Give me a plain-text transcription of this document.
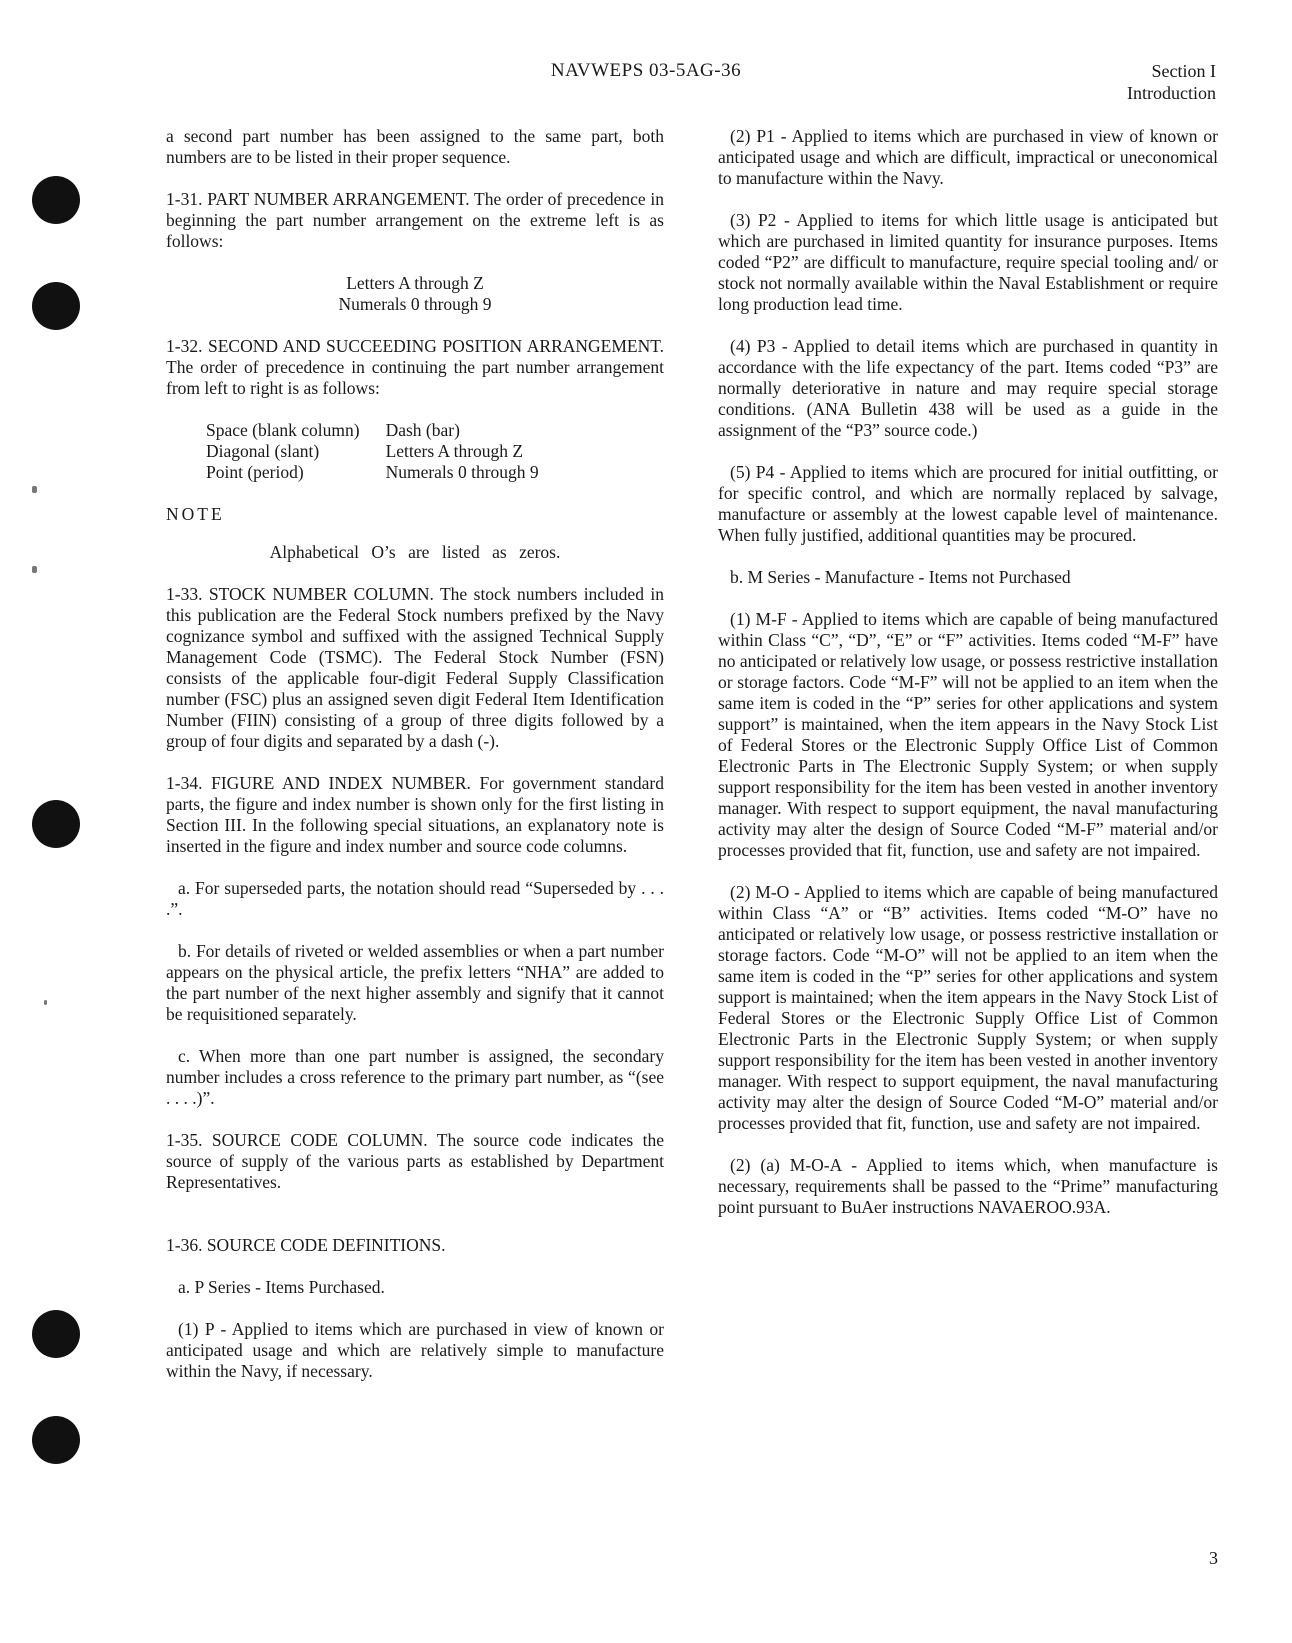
NAVWEPS 03-5AG-36	Section I
Introduction

a second part number has been assigned to the same part, both numbers are to be listed in their proper sequence.

1-31. PART NUMBER ARRANGEMENT. The order of precedence in beginning the part number arrangement on the extreme left is as follows:

Letters A through Z
Numerals 0 through 9

1-32. SECOND AND SUCCEEDING POSITION ARRANGEMENT. The order of precedence in continuing the part number arrangement from left to right is as follows:

Space (blank column)	Dash (bar)
Diagonal (slant)	Letters A through Z
Point (period)	Numerals 0 through 9

NOTE

Alphabetical O’s are listed as zeros.

1-33. STOCK NUMBER COLUMN. The stock numbers included in this publication are the Federal Stock numbers prefixed by the Navy cognizance symbol and suffixed with the assigned Technical Supply Management Code (TSMC). The Federal Stock Number (FSN) consists of the applicable four-digit Federal Supply Classification number (FSC) plus an assigned seven digit Federal Item Identification Number (FIIN) consisting of a group of three digits followed by a group of four digits and separated by a dash (-).

1-34. FIGURE AND INDEX NUMBER. For government standard parts, the figure and index number is shown only for the first listing in Section III. In the following special situations, an explanatory note is inserted in the figure and index number and source code columns.

a. For superseded parts, the notation should read “Superseded by . . . .”.

b. For details of riveted or welded assemblies or when a part number appears on the physical article, the prefix letters “NHA” are added to the part number of the next higher assembly and signify that it cannot be requisitioned separately.

c. When more than one part number is assigned, the secondary number includes a cross reference to the primary part number, as “(see . . . .)”.

1-35. SOURCE CODE COLUMN. The source code indicates the source of supply of the various parts as established by Department Representatives.

1-36. SOURCE CODE DEFINITIONS.

a. P Series - Items Purchased.

(1) P - Applied to items which are purchased in view of known or anticipated usage and which are relatively simple to manufacture within the Navy, if necessary.

(2) P1 - Applied to items which are purchased in view of known or anticipated usage and which are difficult, impractical or uneconomical to manufacture within the Navy.

(3) P2 - Applied to items for which little usage is anticipated but which are purchased in limited quantity for insurance purposes. Items coded “P2” are difficult to manufacture, require special tooling and/ or stock not normally available within the Naval Establishment or require long production lead time.

(4) P3 - Applied to detail items which are purchased in quantity in accordance with the life expectancy of the part. Items coded “P3” are normally deteriorative in nature and may require special storage conditions. (ANA Bulletin 438 will be used as a guide in the assignment of the “P3” source code.)

(5) P4 - Applied to items which are procured for initial outfitting, or for specific control, and which are normally replaced by salvage, manufacture or assembly at the lowest capable level of maintenance. When fully justified, additional quantities may be procured.

b. M Series - Manufacture - Items not Purchased

(1) M-F - Applied to items which are capable of being manufactured within Class “C”, “D”, “E” or “F” activities. Items coded “M-F” have no anticipated or relatively low usage, or possess restrictive installation or storage factors. Code “M-F” will not be applied to an item when the same item is coded in the “P” series for other applications and system support” is maintained, when the item appears in the Navy Stock List of Federal Stores or the Electronic Supply Office List of Common Electronic Parts in The Electronic Supply System; or when supply support responsibility for the item has been vested in another inventory manager. With respect to support equipment, the naval manufacturing activity may alter the design of Source Coded “M-F” material and/or processes provided that fit, function, use and safety are not impaired.

(2) M-O - Applied to items which are capable of being manufactured within Class “A” or “B” activities. Items coded “M-O” have no anticipated or relatively low usage, or possess restrictive installation or storage factors. Code “M-O” will not be applied to an item when the same item is coded in the “P” series for other applications and system support is maintained; when the item appears in the Navy Stock List of Federal Stores or the Electronic Supply Office List of Common Electronic Parts in the Electronic Supply System; or when supply support responsibility for the item has been vested in another inventory manager. With respect to support equipment, the naval manufacturing activity may alter the design of Source Coded “M-O” material and/or processes provided that fit, function, use and safety are not impaired.

(2) (a) M-O-A - Applied to items which, when manufacture is necessary, requirements shall be passed to the “Prime” manufacturing point pursuant to BuAer instructions NAVAEROO.93A.

3
